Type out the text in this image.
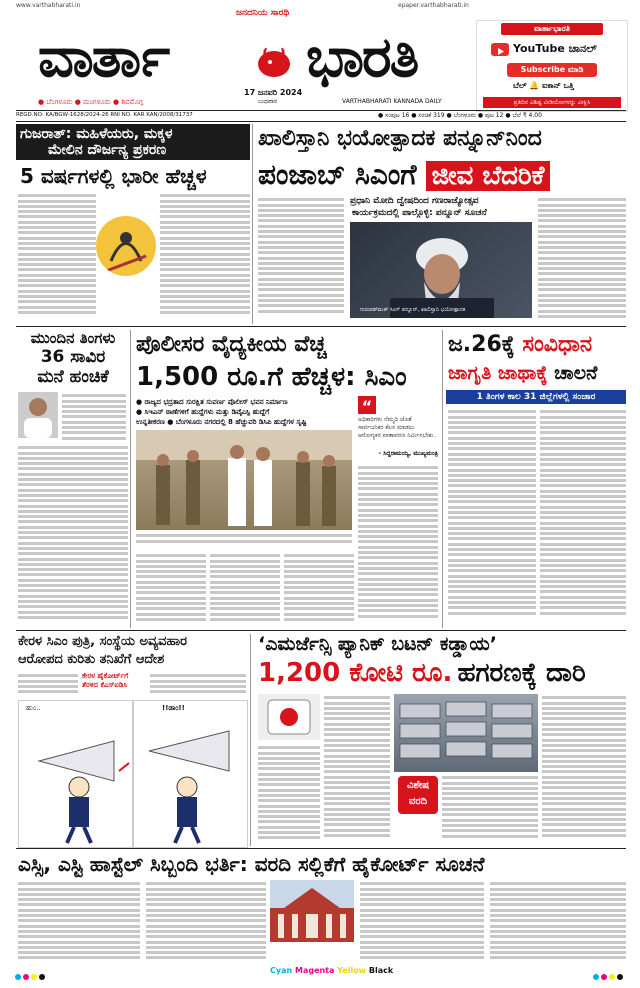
www.varthabharati.in	epaper.varthabharati.in
ಜನದನಿಯ ಸಾರಥಿ
ವಾರ್ತಾ ಭಾರತಿ
17 ಜನವರಿ 2024
ಬುಧವಾರ
● ಬೆಂಗಳೂರು ● ಮಂಗಳೂರು ● ಶಿವಮೊಗ್ಗ	VARTHABHARATI KANNADA DAILY
ವಾರ್ತಾಭಾರತಿ
YouTube ಚಾನಲ್
Subscribe ಮಾಡಿ
ಬೆಲ್ 🔔 ಐಕಾನ್ ಒತ್ತಿ
ಪ್ರತಿದಿನ ವಿಶಿಷ್ಟ ವೀಡಿಯೋಗಳನ್ನು ವೀಕ್ಷಿಸಿ
REGD.NO: KA/BGW-1628/2024-26 RNI NO. KAR KAN/2008/31737	● ಸಂಪುಟ 16 ● ಸಂಚಿಕೆ 319 ● ಬೆಂಗಳೂರು ● ಪುಟ 12 ● ಬೆಲೆ ₹ 4.00
ಗುಜರಾತ್: ಮಹಿಳೆಯರು, ಮಕ್ಕಳ
ಮೇಲಿನ ದೌರ್ಜನ್ಯ ಪ್ರಕರಣ
5 ವರ್ಷಗಳಲ್ಲಿ ಭಾರೀ ಹೆಚ್ಚಳ
ಖಾಲಿಸ್ತಾನಿ ಭಯೋತ್ಪಾದಕ ಪನ್ನೂನ್‌ನಿಂದ
ಪಂಜಾಬ್ ಸಿಎಂಗೆ ಜೀವ ಬೆದರಿಕೆ
ಪ್ರಧಾನಿ ಮೋದಿ ದ್ವೇಷದಿಂದ ಗಣರಾಜ್ಯೋತ್ಸವ
ಕಾರ್ಯಕ್ರಮದಲ್ಲಿ ಪಾಲ್ಗೊಳ್ಳಿ: ಪನ್ನೂನ್ ಸೂಚನೆ
ಗುರುಪತ್‌ವಂತ್ ಸಿಂಗ್ ಪನ್ನೂನ್, ಖಾಲಿಸ್ತಾನಿ ಭಯೋತ್ಪಾದಕ
ಮುಂದಿನ ತಿಂಗಳು
36 ಸಾವಿರ
ಮನೆ ಹಂಚಿಕೆ
ಪೊಲೀಸರ ವೈದ್ಯಕೀಯ ವೆಚ್ಚ
1,500 ರೂ.ಗೆ ಹೆಚ್ಚಳ: ಸಿಎಂ
● ರಾಜ್ಯದ ಭದ್ರತಾದ ಸುರಕ್ಷಿತ ಸುವರ್ಣ ಪೊಲೀಸ್ ಭವನ ನಿರ್ಮಾಣ
● ಸಿಇಎನ್ ಠಾಣೆಗಳಿಗೆ ಹುದ್ದೆಗಳು ಮತ್ತು ಡಿವೈಎಸ್ಪಿ ಹುದ್ದೆಗೆ
ಉನ್ನತೀಕರಣ ● ಬೆಂಗಳೂರು ನಗರದಲ್ಲಿ 8 ಹೆಚ್ಚುವರಿ ಡಿಸಿಪಿ ಹುದ್ದೆಗಳ ಸೃಷ್ಟಿ
“
ಅಧಿಕಾರಿಗಳು ನೆಮ್ಮದಿ ಜೊತೆ ಸಾರ್ವಜನಿಕರ ಕೆಲಸ ಮಾಡಲು ಆರೋಗ್ಯಕರ ವಾತಾವರಣ ನಿರ್ಮಿಸಬೇಕು.
- ಸಿದ್ದರಾಮಯ್ಯ, ಮುಖ್ಯಮಂತ್ರಿ
ಜ.26ಕ್ಕೆ ಸಂವಿಧಾನ
ಜಾಗೃತಿ ಜಾಥಾಕ್ಕೆ ಚಾಲನೆ
1 ತಿಂಗಳ ಕಾಲ 31 ಜಿಲ್ಲೆಗಳಲ್ಲಿ ಸಂಚಾರ
ಕೇರಳ ಸಿಎಂ ಪುತ್ರಿ, ಸಂಸ್ಥೆಯ ಅವ್ಯವಹಾರ
ಆರೋಪದ ಕುರಿತು ತನಿಖೆಗೆ ಆದೇಶ
ಕೇರಳ ಹೈಕೋರ್ಟ್‌ಗೆ
ತೆರಳಿದ ಕೆಎಸ್ಐಡಿಸಿ
ಹುಂ..	!!ಡಾಂ!!
‘ಎಮರ್ಜೆನ್ಸಿ ಪ್ಯಾನಿಕ್ ಬಟನ್ ಕಡ್ಡಾಯ’
1,200 ಕೋಟಿ ರೂ. ಹಗರಣಕ್ಕೆ ದಾರಿ
ವಿಶೇಷ
ವರದಿ
ಎಸ್ಸಿ, ಎಸ್ಟಿ ಹಾಸ್ಟೆಲ್ ಸಿಬ್ಬಂದಿ ಭರ್ತಿ: ವರದಿ ಸಲ್ಲಿಕೆಗೆ ಹೈಕೋರ್ಟ್ ಸೂಚನೆ
Cyan Magenta Yellow Black
